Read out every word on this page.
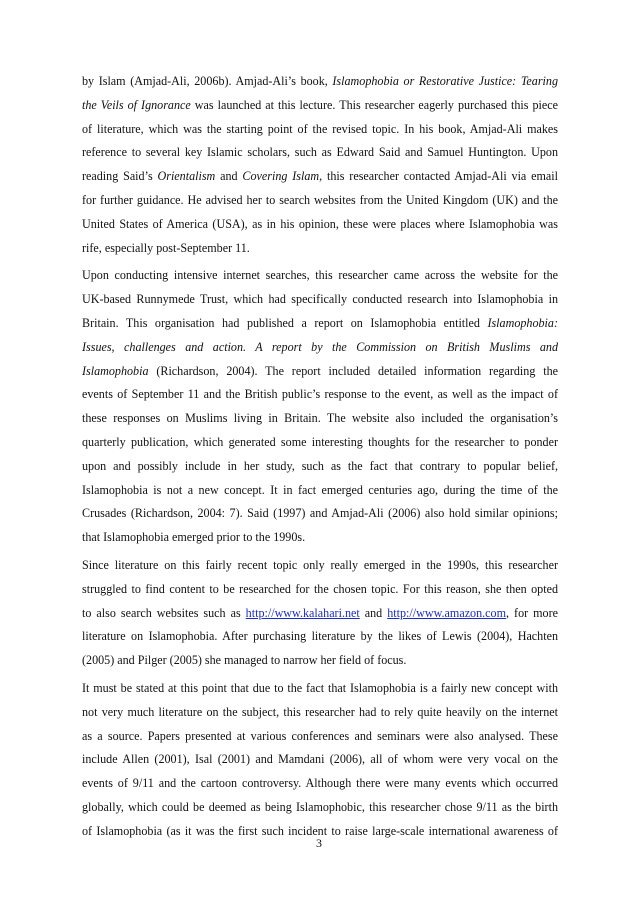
by Islam (Amjad-Ali, 2006b). Amjad-Ali’s book, Islamophobia or Restorative Justice: Tearing
the Veils of Ignorance was launched at this lecture. This researcher eagerly purchased this piece
of literature, which was the starting point of the revised topic. In his book, Amjad-Ali makes
reference to several key Islamic scholars, such as Edward Said and Samuel Huntington. Upon
reading Said’s Orientalism and Covering Islam, this researcher contacted Amjad-Ali via email
for further guidance. He advised her to search websites from the United Kingdom (UK) and the
United States of America (USA), as in his opinion, these were places where Islamophobia was
rife, especially post-September 11.
Upon conducting intensive internet searches, this researcher came across the website for the
UK-based Runnymede Trust, which had specifically conducted research into Islamophobia in
Britain. This organisation had published a report on Islamophobia entitled Islamophobia:
Issues, challenges and action. A report by the Commission on British Muslims and
Islamophobia (Richardson, 2004). The report included detailed information regarding the
events of September 11 and the British public’s response to the event, as well as the impact of
these responses on Muslims living in Britain. The website also included the organisation’s
quarterly publication, which generated some interesting thoughts for the researcher to ponder
upon and possibly include in her study, such as the fact that contrary to popular belief,
Islamophobia is not a new concept. It in fact emerged centuries ago, during the time of the
Crusades (Richardson, 2004: 7). Said (1997) and Amjad-Ali (2006) also hold similar opinions;
that Islamophobia emerged prior to the 1990s.
Since literature on this fairly recent topic only really emerged in the 1990s, this researcher
struggled to find content to be researched for the chosen topic. For this reason, she then opted
to also search websites such as http://www.kalahari.net and http://www.amazon.com, for more
literature on Islamophobia. After purchasing literature by the likes of Lewis (2004), Hachten
(2005) and Pilger (2005) she managed to narrow her field of focus.
It must be stated at this point that due to the fact that Islamophobia is a fairly new concept with
not very much literature on the subject, this researcher had to rely quite heavily on the internet
as a source. Papers presented at various conferences and seminars were also analysed. These
include Allen (2001), Isal (2001) and Mamdani (2006), all of whom were very vocal on the
events of 9/11 and the cartoon controversy. Although there were many events which occurred
globally, which could be deemed as being Islamophobic, this researcher chose 9/11 as the birth
of Islamophobia (as it was the first such incident to raise large-scale international awareness of
3
